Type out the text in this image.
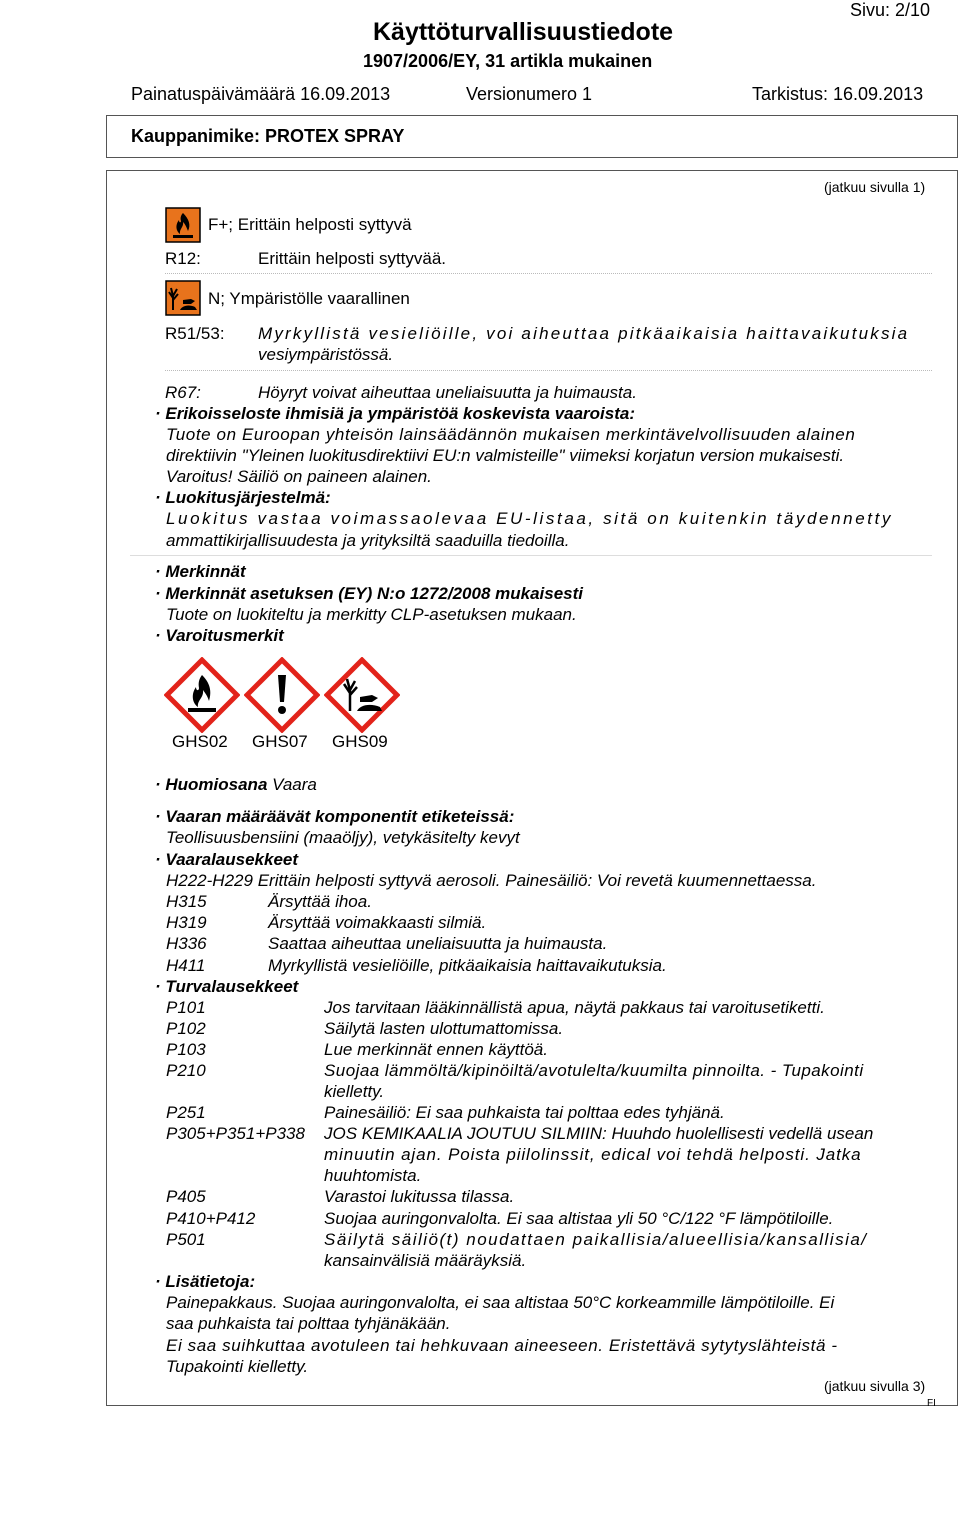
Sivu: 2/10
Käyttöturvallisuustiedote
1907/2006/EY, 31 artikla mukainen
Painatuspäivämäärä 16.09.2013	Versionumero 1	Tarkistus: 16.09.2013
Kauppanimike: PROTEX SPRAY
(jatkuu sivulla 1)
F+; Erittäin helposti syttyvä
R12:	Erittäin helposti syttyvää.
N; Ympäristölle vaarallinen
R51/53: Myrkyllistä vesieliöille, voi aiheuttaa pitkäaikaisia haittavaikutuksia
vesiympäristössä.
R67:	Höyryt voivat aiheuttaa uneliaisuutta ja huimausta.
· Erikoisseloste ihmisiä ja ympäristöä koskevista vaaroista:
Tuote on Euroopan yhteisön lainsäädännön mukaisen merkintävelvollisuuden alainen
direktiivin "Yleinen luokitusdirektiivi EU:n valmisteille" viimeksi korjatun version mukaisesti.
Varoitus! Säiliö on paineen alainen.
· Luokitusjärjestelmä:
Luokitus vastaa voimassaolevaa EU-listaa, sitä on kuitenkin täydennetty
ammattikirjallisuudesta ja yrityksiltä saaduilla tiedoilla.
· Merkinnät
· Merkinnät asetuksen (EY) N:o 1272/2008 mukaisesti
Tuote on luokiteltu ja merkitty CLP-asetuksen mukaan.
· Varoitusmerkit
GHS02 GHS07 GHS09
· Huomiosana Vaara
· Vaaran määräävät komponentit etiketeissä:
Teollisuusbensiini (maaöljy), vetykäsitelty kevyt
· Vaaralausekkeet
H222-H229 Erittäin helposti syttyvä aerosoli. Painesäiliö: Voi revetä kuumennettaessa.
H315	Ärsyttää ihoa.
H319	Ärsyttää voimakkaasti silmiä.
H336	Saattaa aiheuttaa uneliaisuutta ja huimausta.
H411	Myrkyllistä vesieliöille, pitkäaikaisia haittavaikutuksia.
· Turvalausekkeet
P101	Jos tarvitaan lääkinnällistä apua, näytä pakkaus tai varoitusetiketti.
P102	Säilytä lasten ulottumattomissa.
P103	Lue merkinnät ennen käyttöä.
P210	Suojaa lämmöltä/kipinöiltä/avotulelta/kuumilta pinnoilta. - Tupakointi
kielletty.
P251	Painesäiliö: Ei saa puhkaista tai polttaa edes tyhjänä.
P305+P351+P338 JOS KEMIKAALIA JOUTUU SILMIIN: Huuhdo huolellisesti vedellä usean
minuutin ajan. Poista piilolinssit, edical voi tehdä helposti. Jatka
huuhtomista.
P405	Varastoi lukitussa tilassa.
P410+P412	Suojaa auringonvalolta. Ei saa altistaa yli 50 °C/122 °F lämpötiloille.
P501	Säilytä säiliö(t) noudattaen paikallisia/alueellisia/kansallisia/
kansainvälisiä määräyksiä.
· Lisätietoja:
Painepakkaus. Suojaa auringonvalolta, ei saa altistaa 50°C korkeammille lämpötiloille. Ei
saa puhkaista tai polttaa tyhjänäkään.
Ei saa suihkuttaa avotuleen tai hehkuvaan aineeseen. Eristettävä sytytyslähteistä -
Tupakointi kielletty.
(jatkuu sivulla 3)
FI
